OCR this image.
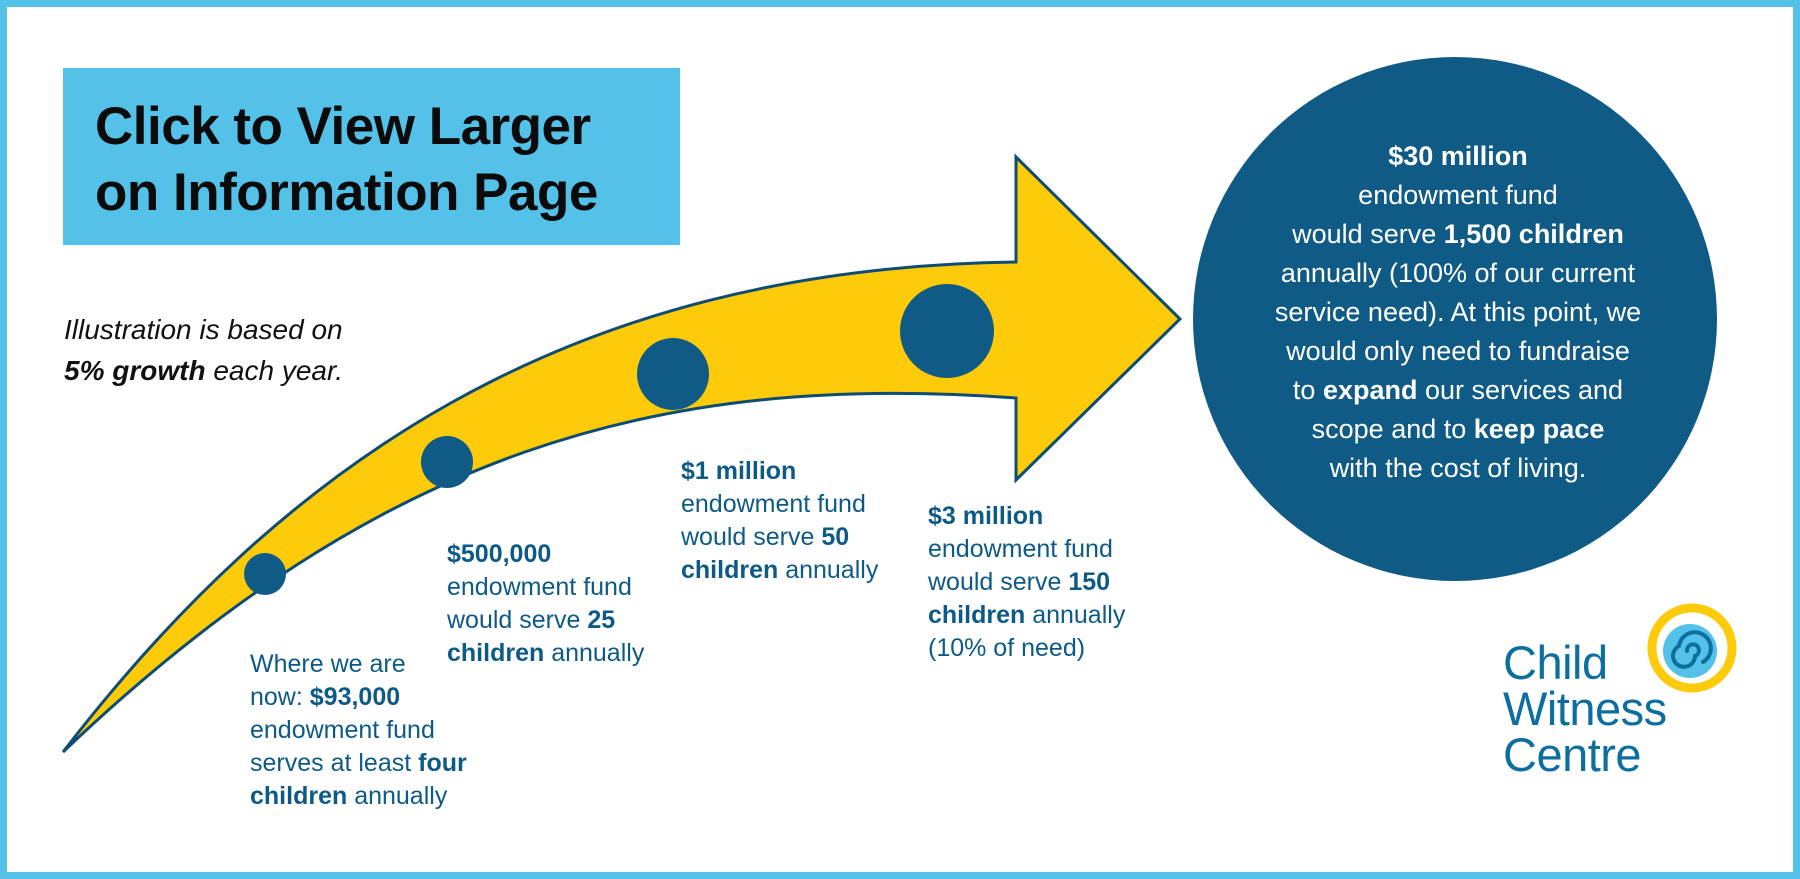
Click to View Larger
on Information Page
Illustration is based on
5% growth each year.
Where we are
now: $93,000
endowment fund
serves at least four
children annually
$500,000
endowment fund
would serve 25
children annually
$1 million
endowment fund
would serve 50
children annually
$3 million
endowment fund
would serve 150
children annually
(10% of need)
$30 million
endowment fund
would serve 1,500 children
annually (100% of our current
service need). At this point, we
would only need to fundraise
to expand our services and
scope and to keep pace
with the cost of living.
Child
Witness
Centre
